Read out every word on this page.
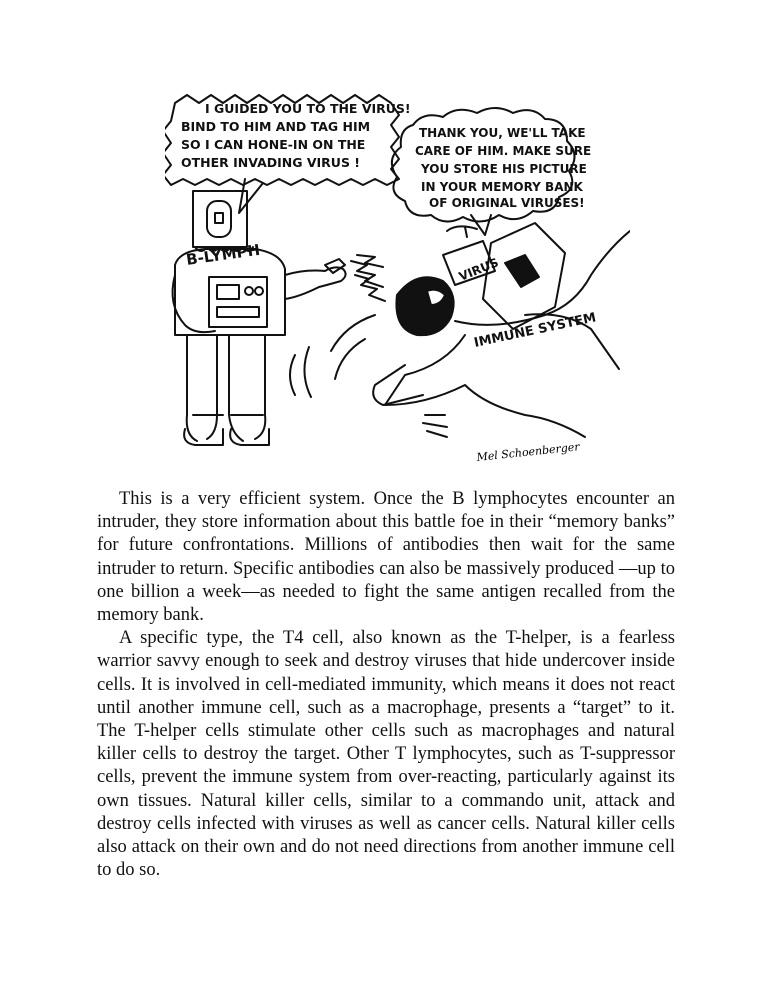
I GUIDED YOU TO THE VIRUS!
BIND TO HIM AND TAG HIM
SO I CAN HONE-IN ON THE
OTHER INVADING VIRUS !
THANK YOU, WE'LL TAKE
CARE OF HIM. MAKE SURE
YOU STORE HIS PICTURE
IN YOUR MEMORY BANK
OF ORIGINAL VIRUSES!
B-LYMPH
VIRUS
IMMUNE SYSTEM
Mel Schoenberger

This is a very efficient system. Once the B lymphocytes encounter an intruder, they store information about this battle foe in their “memory banks” for future confrontations. Millions of antibodies then wait for the same intruder to return. Specific antibodies can also be massively produced —up to one billion a week—as needed to fight the same antigen recalled from the memory bank.

A specific type, the T4 cell, also known as the T-helper, is a fearless warrior savvy enough to seek and destroy viruses that hide undercover inside cells. It is involved in cell-mediated immunity, which means it does not react until another immune cell, such as a macrophage, presents a “target” to it. The T-helper cells stimulate other cells such as macrophages and natural killer cells to destroy the target. Other T lymphocytes, such as T-suppressor cells, prevent the immune system from over-reacting, particularly against its own tissues. Natural killer cells, similar to a commando unit, attack and destroy cells infected with viruses as well as cancer cells. Natural killer cells also attack on their own and do not need directions from another immune cell to do so.
